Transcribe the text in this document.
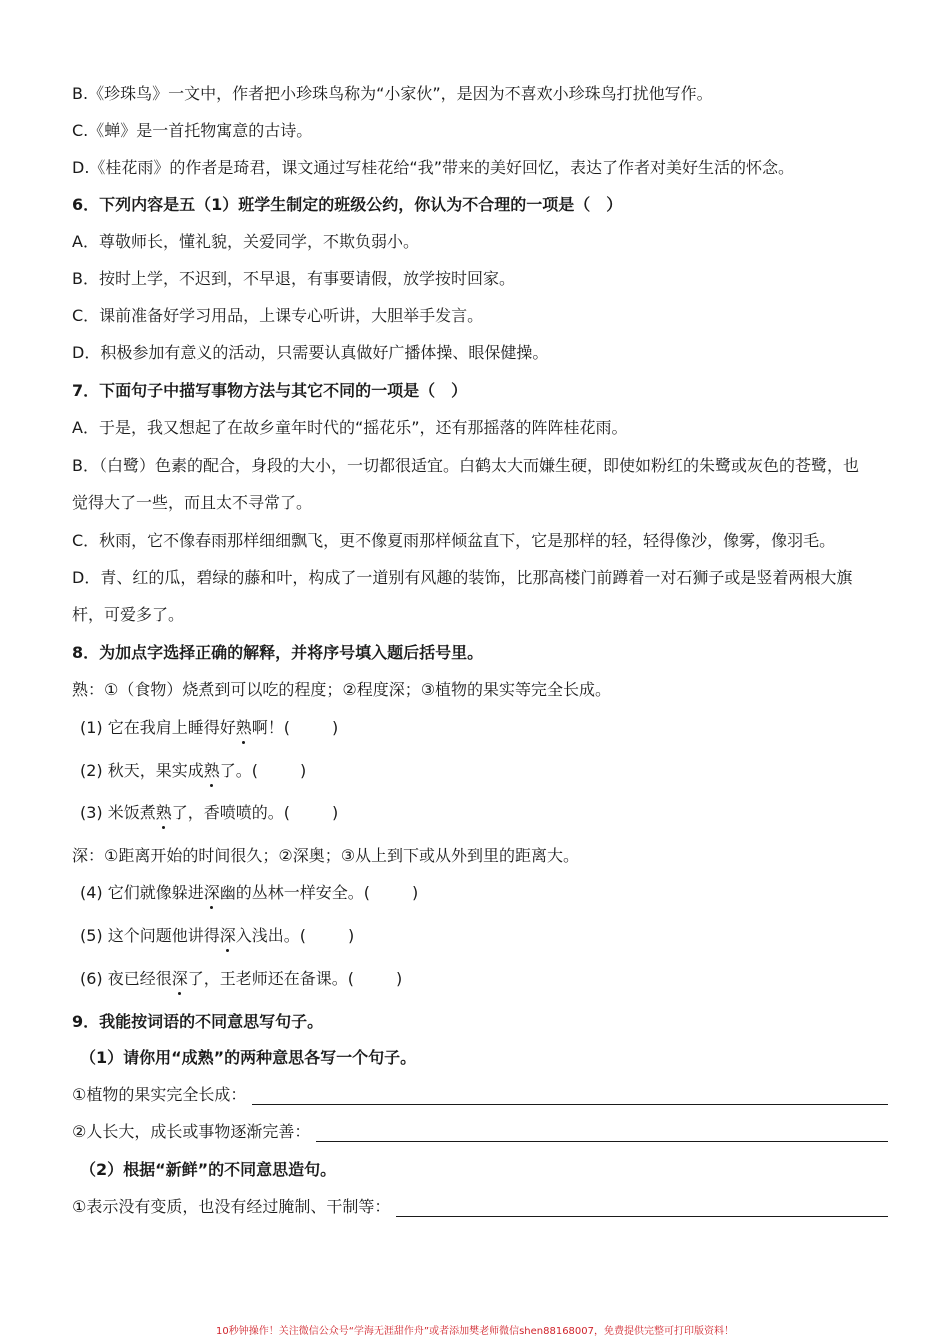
B.《珍珠鸟》一文中，作者把小珍珠鸟称为“小家伙”，是因为不喜欢小珍珠鸟打扰他写作。
C.《蝉》是一首托物寓意的古诗。
D.《桂花雨》的作者是琦君，课文通过写桂花给“我”带来的美好回忆，表达了作者对美好生活的怀念。
6．下列内容是五（1）班学生制定的班级公约，你认为不合理的一项是（　）
A．尊敬师长，懂礼貌，关爱同学，不欺负弱小。
B．按时上学，不迟到，不早退，有事要请假，放学按时回家。
C．课前准备好学习用品，上课专心听讲，大胆举手发言。
D．积极参加有意义的活动，只需要认真做好广播体操、眼保健操。
7．下面句子中描写事物方法与其它不同的一项是（　）
A．于是，我又想起了在故乡童年时代的“摇花乐”，还有那摇落的阵阵桂花雨。
B．（白鹭）色素的配合，身段的大小，一切都很适宜。白鹤太大而嫌生硬，即使如粉红的朱鹭或灰色的苍鹭，也
觉得大了一些，而且太不寻常了。
C．秋雨，它不像春雨那样细细飘飞，更不像夏雨那样倾盆直下，它是那样的轻，轻得像沙，像雾，像羽毛。
D．青、红的瓜，碧绿的藤和叶，构成了一道别有风趣的装饰，比那高楼门前蹲着一对石狮子或是竖着两根大旗
杆，可爱多了。
8．为加点字选择正确的解释，并将序号填入题后括号里。
熟：①（食物）烧煮到可以吃的程度；②程度深；③植物的果实等完全长成。
(1) 它在我肩上睡得好熟啊！(	)
(2) 秋天，果实成熟了。(	)
(3) 米饭煮熟了，香喷喷的。(	)
深：①距离开始的时间很久；②深奥；③从上到下或从外到里的距离大。
(4) 它们就像躲进深幽的丛林一样安全。(	)
(5) 这个问题他讲得深入浅出。(	)
(6) 夜已经很深了，王老师还在备课。(	)
9．我能按词语的不同意思写句子。
（1）请你用“成熟”的两种意思各写一个句子。
①植物的果实完全长成：
②人长大，成长或事物逐渐完善：
（2）根据“新鲜”的不同意思造句。
①表示没有变质，也没有经过腌制、干制等：
10秒钟操作！关注微信公众号“学海无涯甜作舟”或者添加樊老师微信shen88168007，免费提供完整可打印版资料！
